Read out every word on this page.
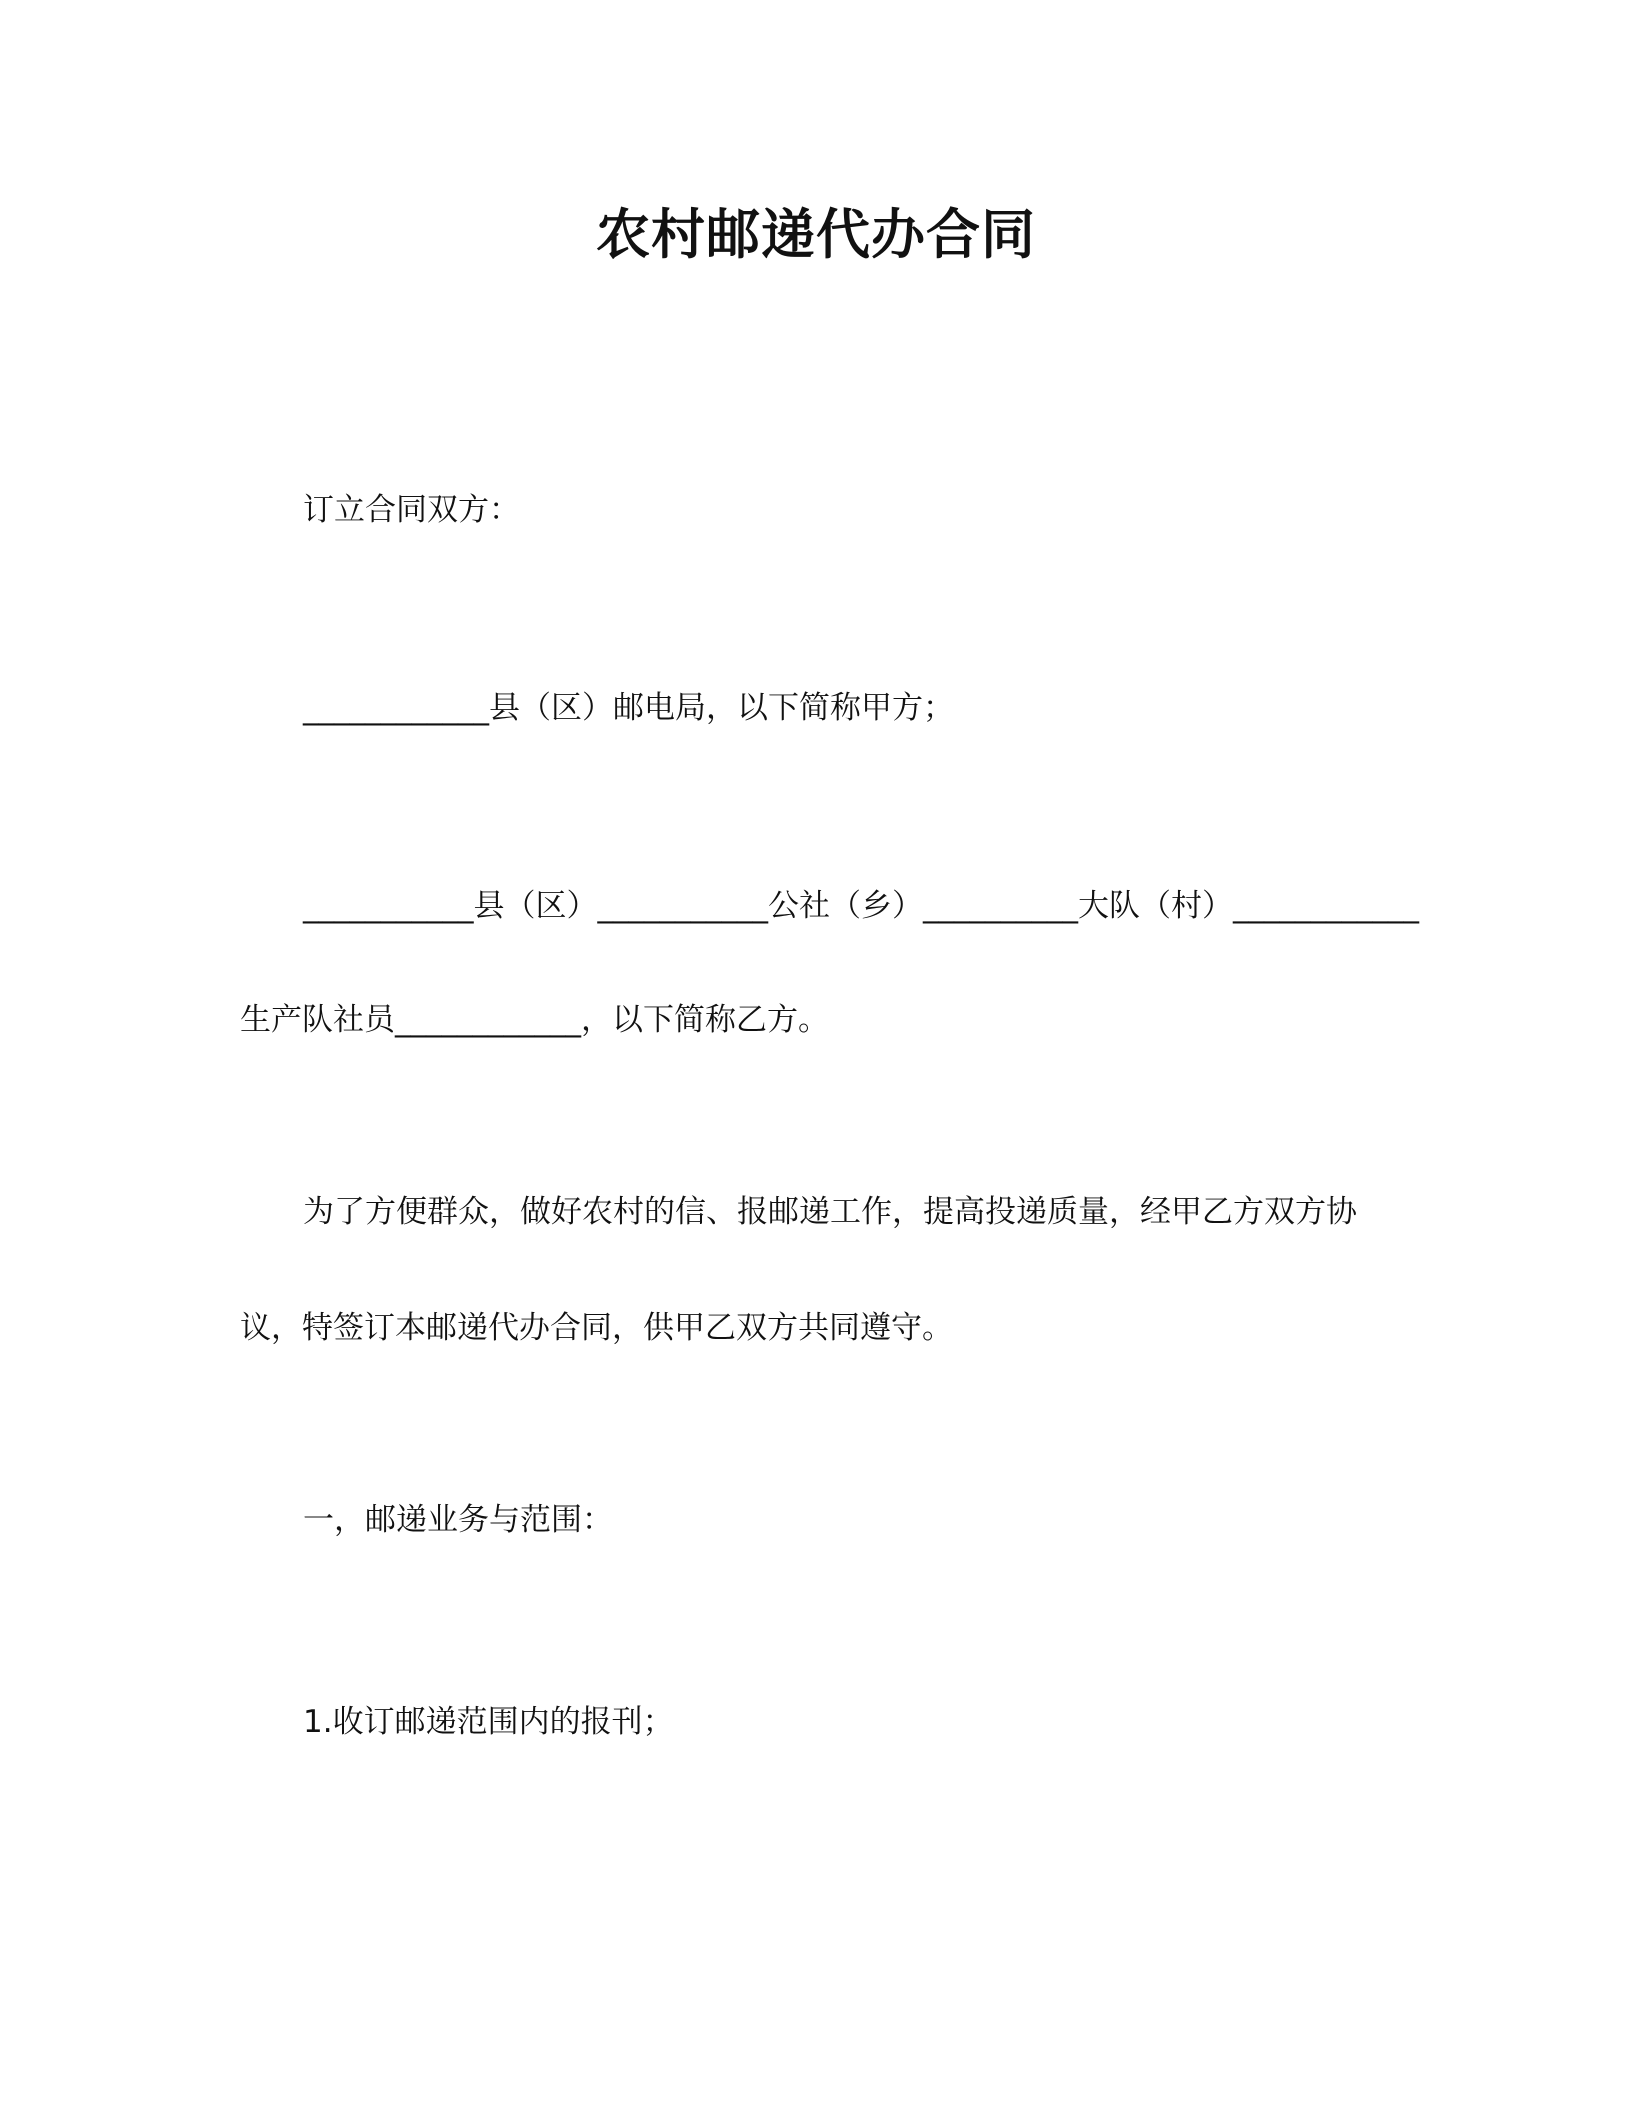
农村邮递代办合同
订立合同双方：
____________县（区）邮电局，以下简称甲方；
___________县（区）___________公社（乡）__________大队（村）____________
生产队社员____________，以下简称乙方。
为了方便群众，做好农村的信、报邮递工作，提高投递质量，经甲乙方双方协
议，特签订本邮递代办合同，供甲乙双方共同遵守。
一，邮递业务与范围：
1.收订邮递范围内的报刊；
